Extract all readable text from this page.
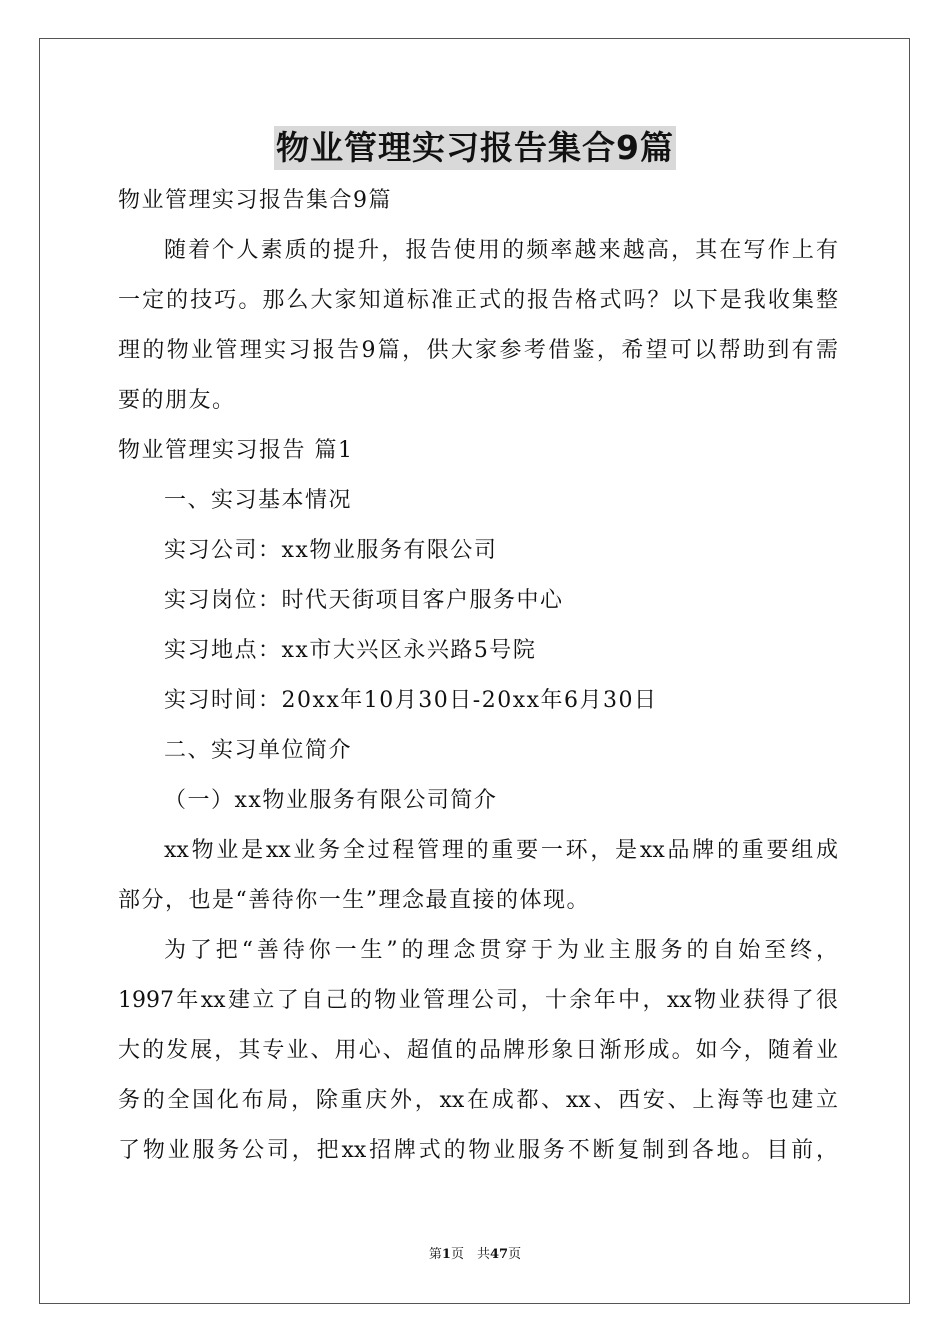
物业管理实习报告集合9篇
物业管理实习报告集合9篇
随着个人素质的提升，报告使用的频率越来越高，其在写作上有
一定的技巧。那么大家知道标准正式的报告格式吗？以下是我收集整
理的物业管理实习报告9篇，供大家参考借鉴，希望可以帮助到有需
要的朋友。
物业管理实习报告 篇1
一、实习基本情况
实习公司：xx物业服务有限公司
实习岗位：时代天街项目客户服务中心
实习地点：xx市大兴区永兴路5号院
实习时间：20xx年10月30日-20xx年6月30日
二、实习单位简介
（一）xx物业服务有限公司简介
xx物业是xx业务全过程管理的重要一环，是xx品牌的重要组成
部分，也是“善待你一生”理念最直接的体现。
为了把“善待你一生”的理念贯穿于为业主服务的自始至终，
1997年xx建立了自己的物业管理公司，十余年中，xx物业获得了很
大的发展，其专业、用心、超值的品牌形象日渐形成。如今，随着业
务的全国化布局，除重庆外，xx在成都、xx、西安、上海等也建立
了物业服务公司，把xx招牌式的物业服务不断复制到各地。目前，
第1页　共47页
